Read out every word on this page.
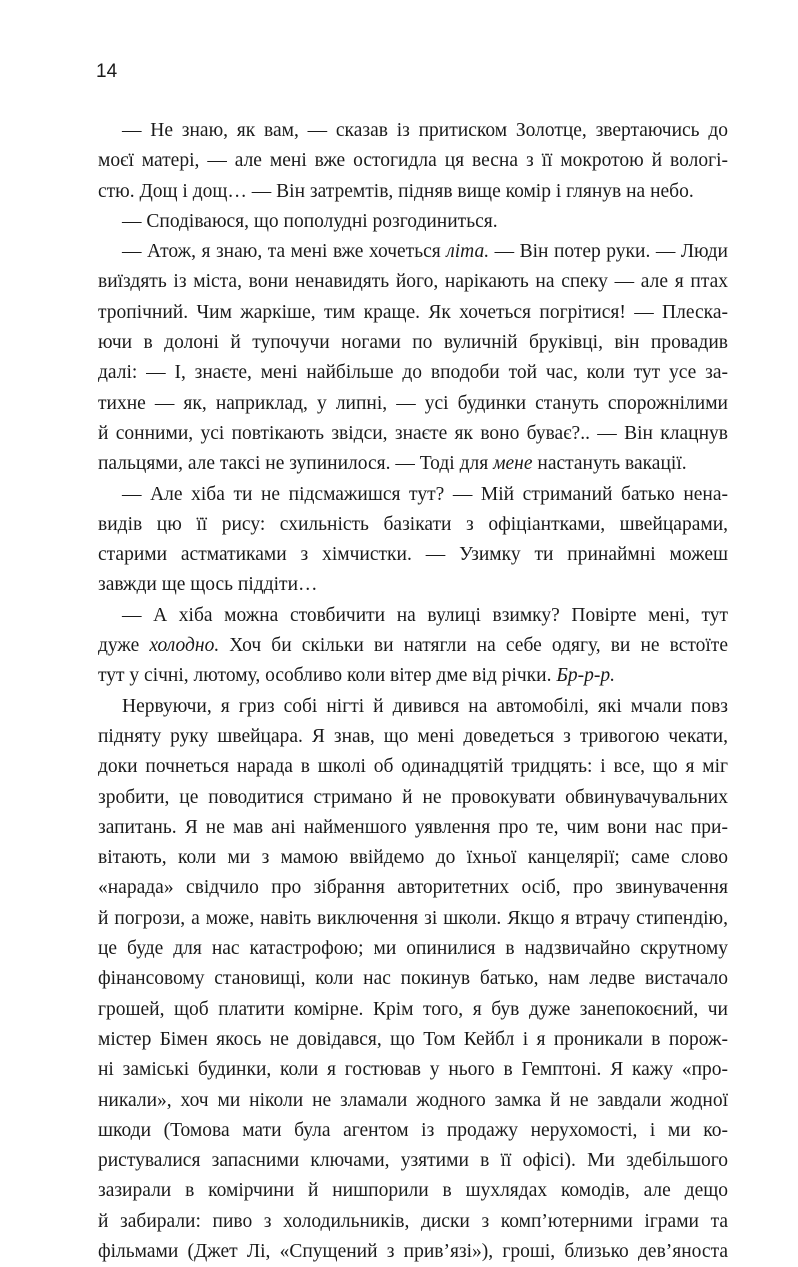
14
— Не знаю, як вам, — сказав із притиском Золотце, звертаючись до
моєї матері, — але мені вже остогидла ця весна з її мокротою й вологі-
стю. Дощ і дощ… — Він затремтів, підняв вище комір і глянув на небо.
— Сподіваюся, що пополудні розгодиниться.
— Атож, я знаю, та мені вже хочеться літа. — Він потер руки. — Люди
виїздять із міста, вони ненавидять його, нарікають на спеку — але я птах
тропічний. Чим жаркіше, тим краще. Як хочеться погрітися! — Плеска-
ючи в долоні й тупочучи ногами по вуличній бруківці, він провадив
далі: — І, знаєте, мені найбільше до вподоби той час, коли тут усе за-
тихне — як, наприклад, у липні, — усі будинки стануть спорожнілими
й сонними, усі повтікають звідси, знаєте як воно буває?.. — Він клацнув
пальцями, але таксі не зупинилося. — Тоді для мене настануть вакації.
— Але хіба ти не підсмажишся тут? — Мій стриманий батько нена-
видів цю її рису: схильність базікати з офіціантками, швейцарами,
старими астматиками з хімчистки. — Узимку ти принаймні можеш
завжди ще щось піддіти…
— А хіба можна стовбичити на вулиці взимку? Повірте мені, тут
дуже холодно. Хоч би скільки ви натягли на себе одягу, ви не встоїте
тут у січні, лютому, особливо коли вітер дме від річки. Бр-р-р.
Нервуючи, я гриз собі нігті й дивився на автомобілі, які мчали повз
підняту руку швейцара. Я знав, що мені доведеться з тривогою чекати,
доки почнеться нарада в школі об одинадцятій тридцять: і все, що я міг
зробити, це поводитися стримано й не провокувати обвинувачувальних
запитань. Я не мав ані найменшого уявлення про те, чим вони нас при-
вітають, коли ми з мамою ввійдемо до їхньої канцелярії; саме слово
«нарада» свідчило про зібрання авторитетних осіб, про звинувачення
й погрози, а може, навіть виключення зі школи. Якщо я втрачу стипендію,
це буде для нас катастрофою; ми опинилися в надзвичайно скрутному
фінансовому становищі, коли нас покинув батько, нам ледве вистачало
грошей, щоб платити комірне. Крім того, я був дуже занепокоєний, чи
містер Бімен якось не довідався, що Том Кейбл і я проникали в порож-
ні заміські будинки, коли я гостював у нього в Гемптоні. Я кажу «про-
никали», хоч ми ніколи не зламали жодного замка й не завдали жодної
шкоди (Томова мати була агентом із продажу нерухомості, і ми ко-
ристувалися запасними ключами, узятими в її офісі). Ми здебільшого
зазирали в комірчини й нишпорили в шухлядах комодів, але дещо
й забирали: пиво з холодильників, диски з комп’ютерними іграми та
фільмами (Джет Лі, «Спущений з прив’язі»), гроші, близько дев’яноста
